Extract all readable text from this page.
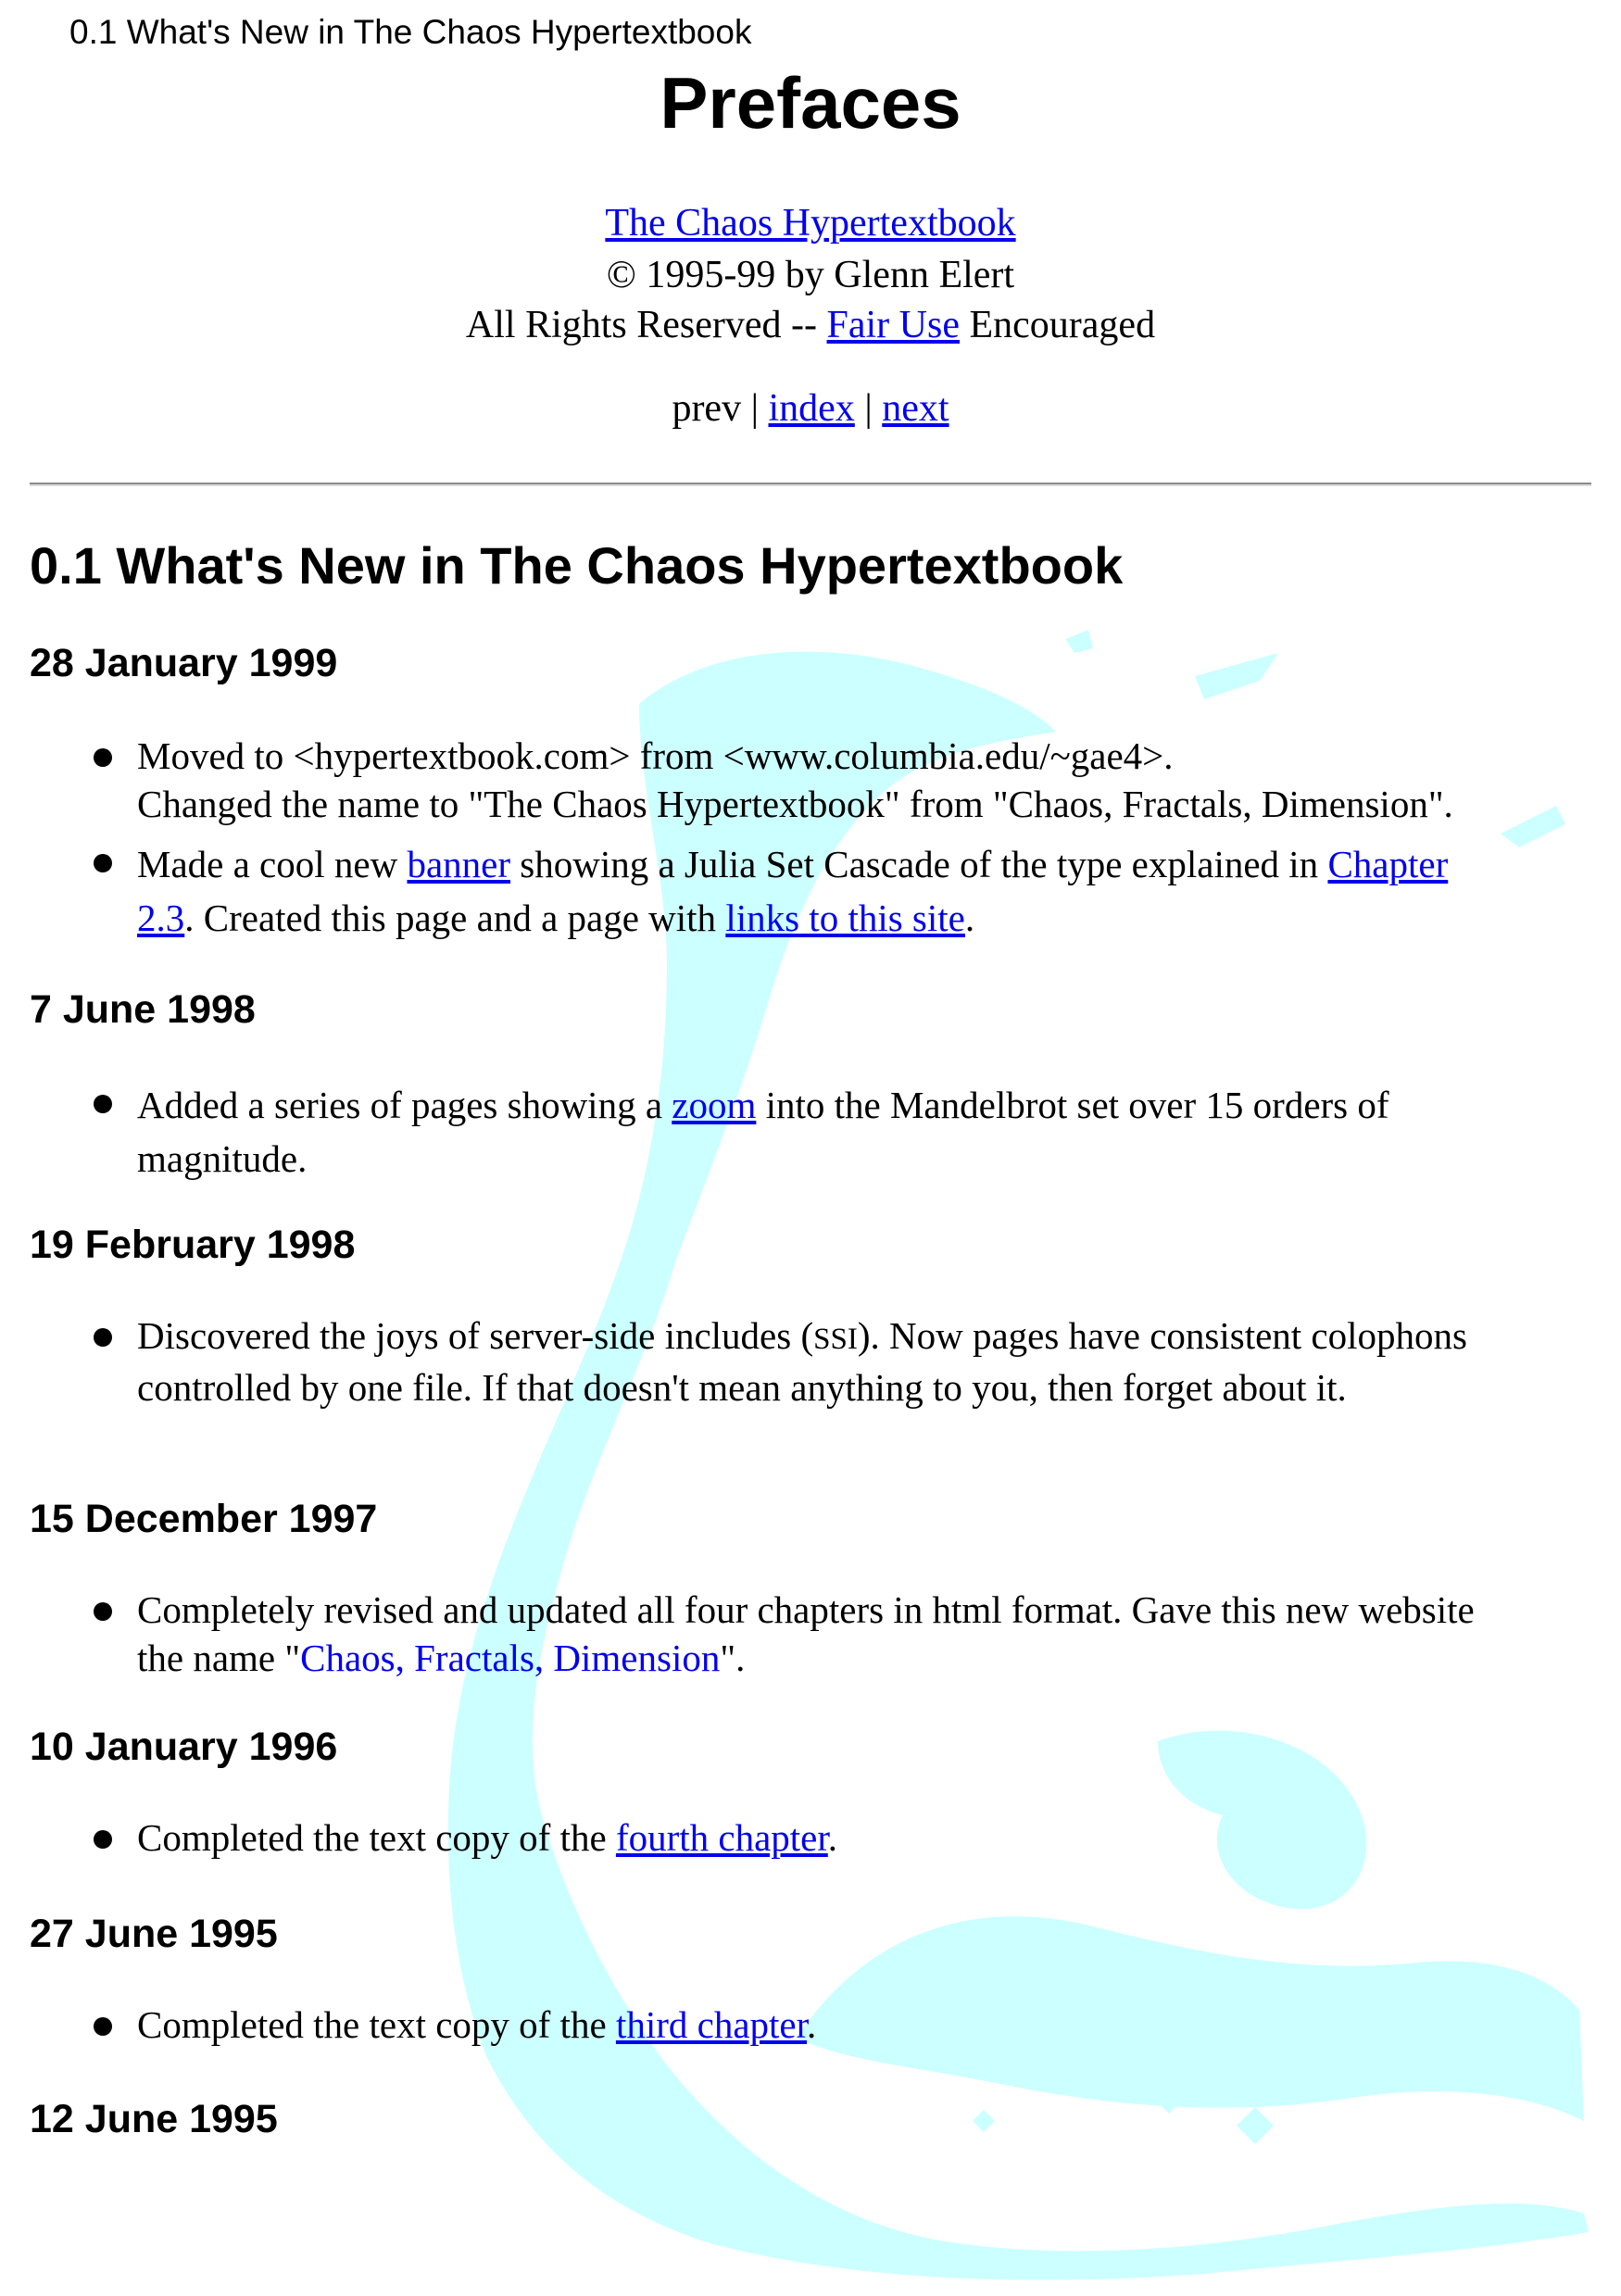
0.1 What's New in The Chaos Hypertextbook
Prefaces
The Chaos Hypertextbook
© 1995-99 by Glenn Elert
All Rights Reserved -- Fair Use Encouraged
prev | index | next
0.1 What's New in The Chaos Hypertextbook
28 January 1999
Moved to <hypertextbook.com> from <www.columbia.edu/~gae4>.
Changed the name to "The Chaos Hypertextbook" from "Chaos, Fractals, Dimension".
Made a cool new banner showing a Julia Set Cascade of the type explained in Chapter
2.3. Created this page and a page with links to this site.
7 June 1998
Added a series of pages showing a zoom into the Mandelbrot set over 15 orders of magnitude.
19 February 1998
Discovered the joys of server-side includes (SSI). Now pages have consistent colophons controlled by one file. If that doesn't mean anything to you, then forget about it.
15 December 1997
Completely revised and updated all four chapters in html format. Gave this new website the name "Chaos, Fractals, Dimension".
10 January 1996
Completed the text copy of the fourth chapter.
27 June 1995
Completed the text copy of the third chapter.
12 June 1995
